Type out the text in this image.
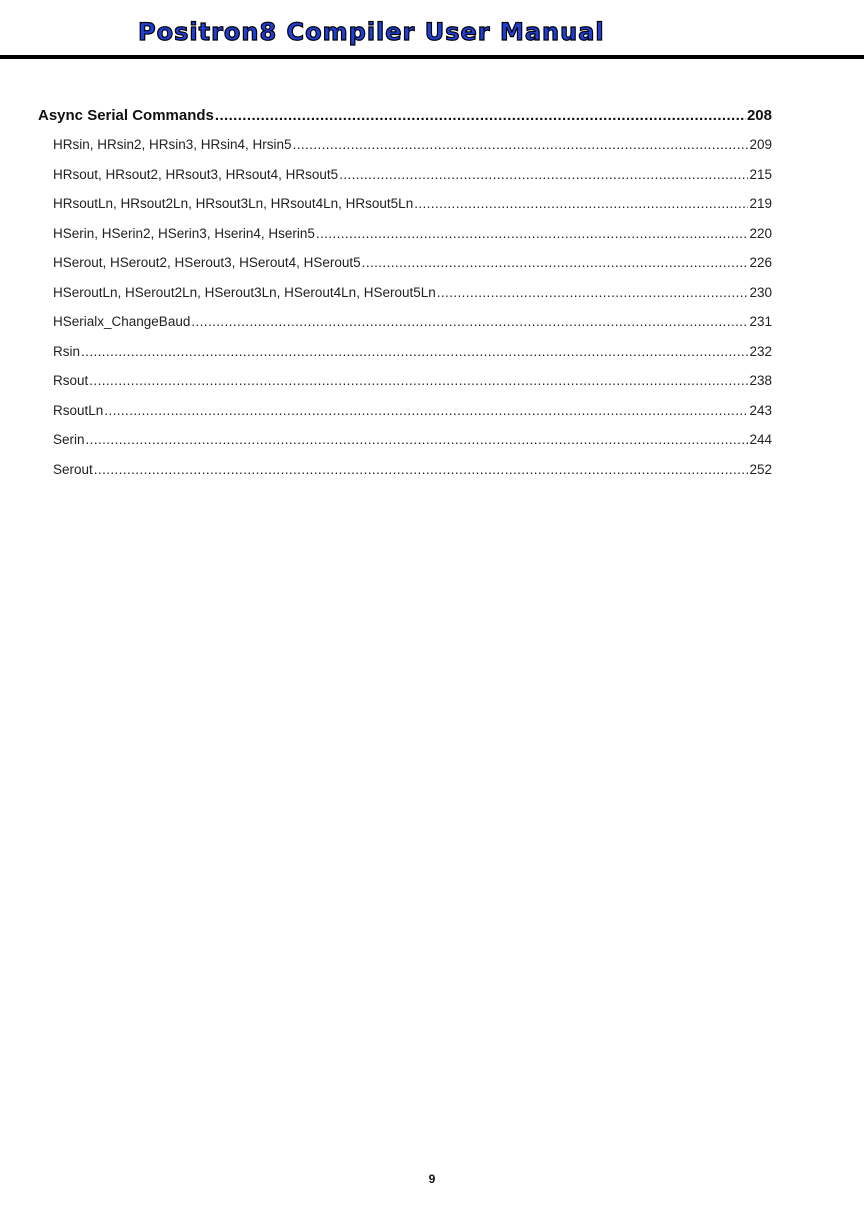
Positron8 Compiler User Manual
Async Serial Commands .....	208
HRsin, HRsin2, HRsin3, HRsin4, Hrsin5 .....	209
HRsout, HRsout2, HRsout3, HRsout4, HRsout5 .....	215
HRsoutLn, HRsout2Ln, HRsout3Ln, HRsout4Ln, HRsout5Ln .....	219
HSerin, HSerin2, HSerin3, Hserin4, Hserin5 .....	220
HSerout, HSerout2, HSerout3, HSerout4, HSerout5 .....	226
HSeroutLn, HSerout2Ln, HSerout3Ln, HSerout4Ln, HSerout5Ln .....	230
HSerialx_ChangeBaud .....	231
Rsin .....	232
Rsout .....	238
RsoutLn .....	243
Serin .....	244
Serout .....	252
9
